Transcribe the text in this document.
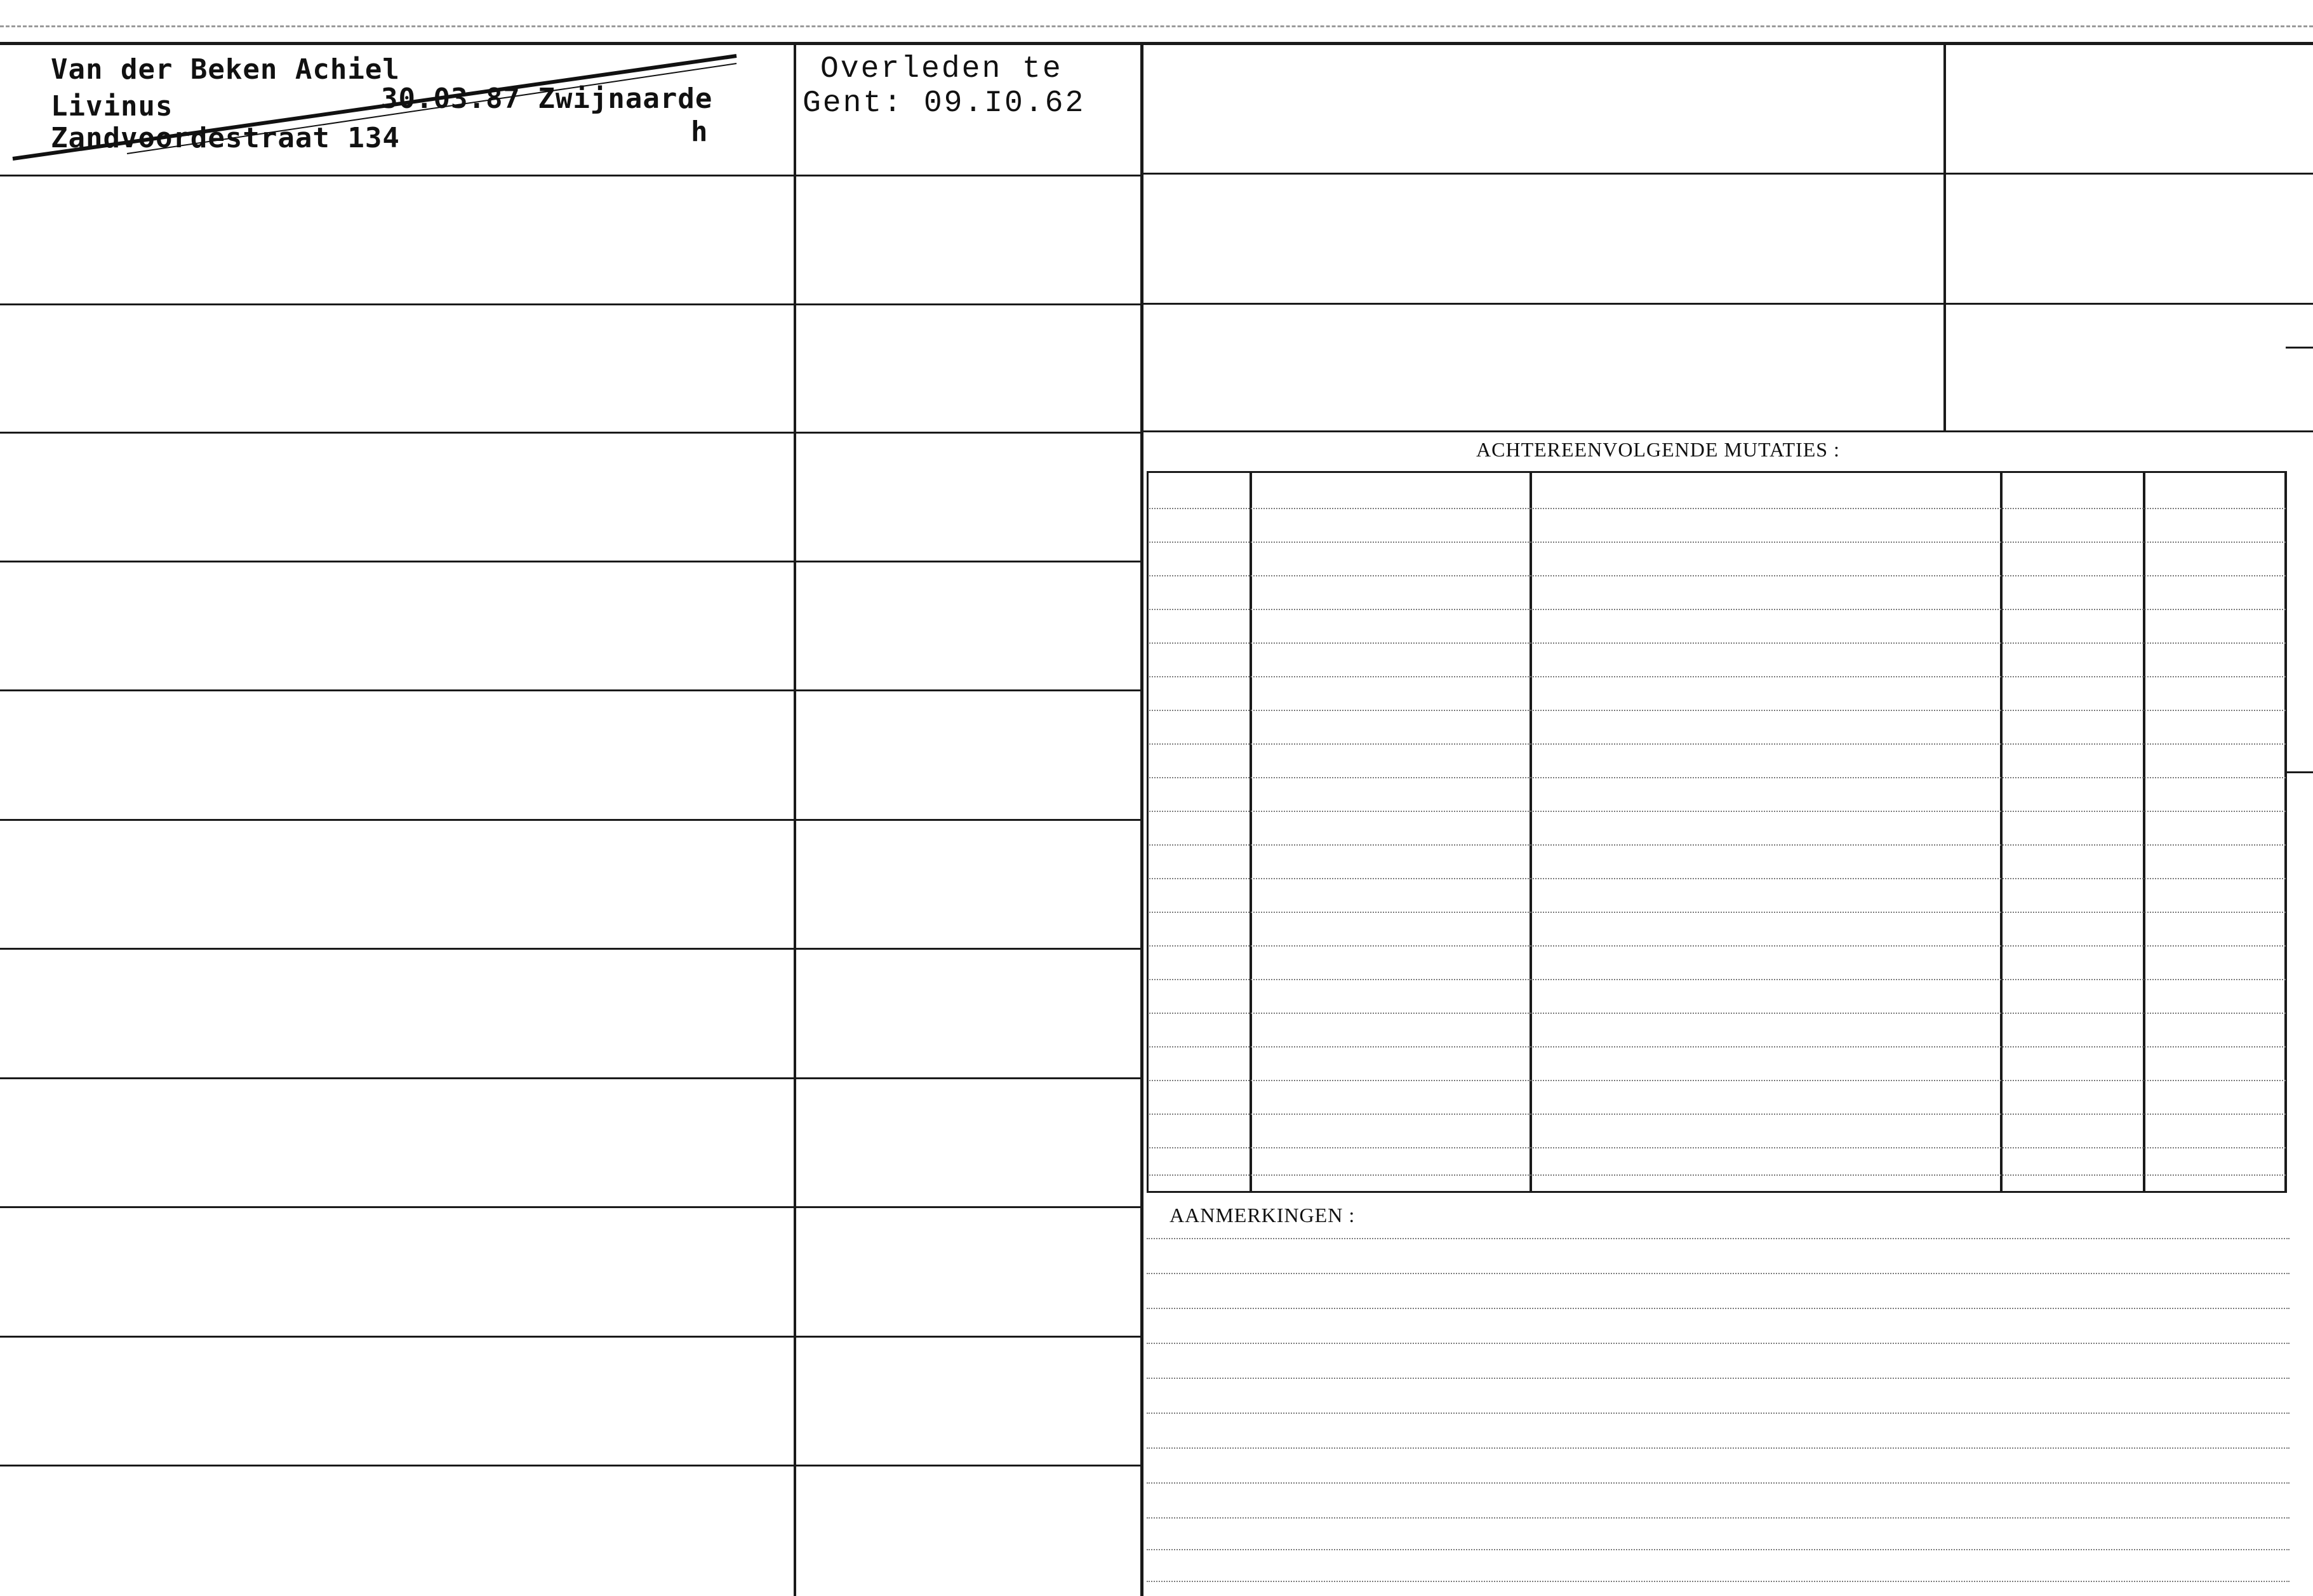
Van der Beken Achiel
Livinus	30.03.87 Zwijnaarde
Zandvoordestraat 134	h
Overleden te
Gent: 09.I0.62
ACHTEREENVOLGENDE MUTATIES :
AANMERKINGEN :
